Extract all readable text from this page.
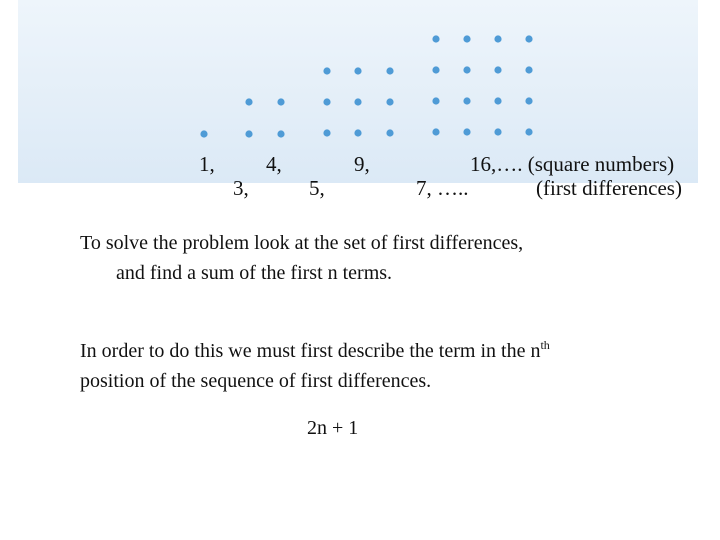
1, 4,	9,	16,…. (square numbers)
3,	5,	7, …..	(first differences)
To solve the problem look at the set of first differences,
and find a sum of the first n terms.
In order to do this we must first describe the term in the $n^{th}$
position of the sequence of first differences.
2n + 1
